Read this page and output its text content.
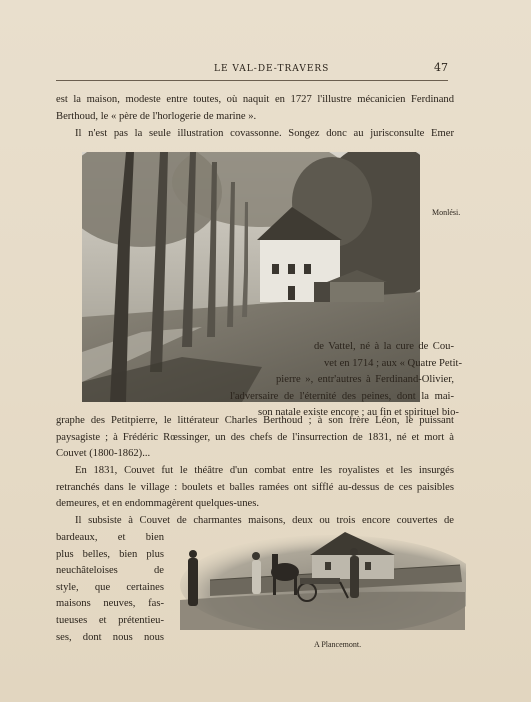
LE VAL-DE-TRAVERS	47
est la maison, modeste entre toutes, où naquit en 1727 l'illustre mécanicien Ferdinand
Berthoud, le « père de l'horlogerie de marine ».
Il n'est pas la seule illustration covassonne. Songez donc au jurisconsulte Emer
Monlési.
de Vattel, né à la cure de Cou-
vet en 1714 ; aux « Quatre Petit-
pierre », entr'autres à Ferdinand-Olivier,
l'adversaire de l'éternité des peines, dont la mai-
son natale existe encore ; au fin et spirituel bio-
graphe des Petitpierre, le littérateur Charles Berthoud ; à son frère Léon, le puissant
paysagiste ; à Frédéric Rœssinger, un des chefs de l'insurrection de 1831, né et mort à
Couvet (1800-1862)...
En 1831, Couvet fut le théâtre d'un combat entre les royalistes et les insurgés
retranchés dans le village : boulets et balles ramées ont sifflé au-dessus de ces paisibles
demeures, et en endommagèrent quelques-unes.
Il subsiste à Couvet de charmantes maisons, deux ou trois encore couvertes de
bardeaux, et bien
plus belles, bien plus
neuchâteloises de
style, que certaines
maisons neuves, fas-
tueuses et prétentieu-
ses, dont nous nous
A Plancemont.
